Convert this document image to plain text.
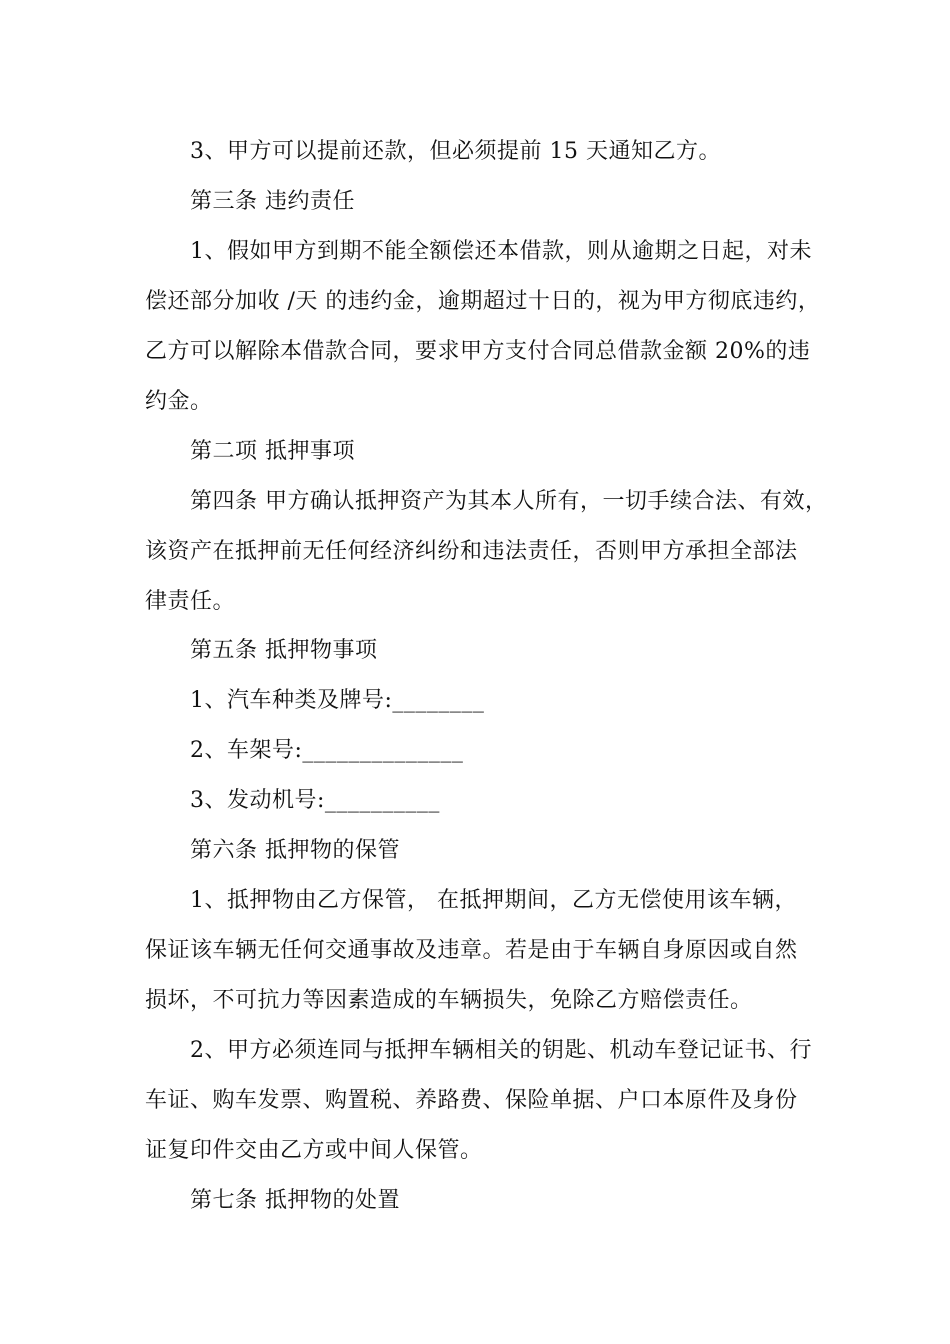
3、甲方可以提前还款，但必须提前 15 天通知乙方。
第三条 违约责任
1、假如甲方到期不能全额偿还本借款，则从逾期之日起，对未
偿还部分加收 /天 的违约金，逾期超过十日的，视为甲方彻底违约，
乙方可以解除本借款合同，要求甲方支付合同总借款金额 20%的违
约金。
第二项 抵押事项
第四条 甲方确认抵押资产为其本人所有，一切手续合法、有效，
该资产在抵押前无任何经济纠纷和违法责任，否则甲方承担全部法
律责任。
第五条 抵押物事项
1、汽车种类及牌号:________
2、车架号:______________
3、发动机号:__________
第六条 抵押物的保管
1、抵押物由乙方保管， 在抵押期间，乙方无偿使用该车辆，
保证该车辆无任何交通事故及违章。若是由于车辆自身原因或自然
损坏，不可抗力等因素造成的车辆损失，免除乙方赔偿责任。
2、甲方必须连同与抵押车辆相关的钥匙、机动车登记证书、行
车证、购车发票、购置税、养路费、保险单据、户口本原件及身份
证复印件交由乙方或中间人保管。
第七条 抵押物的处置
